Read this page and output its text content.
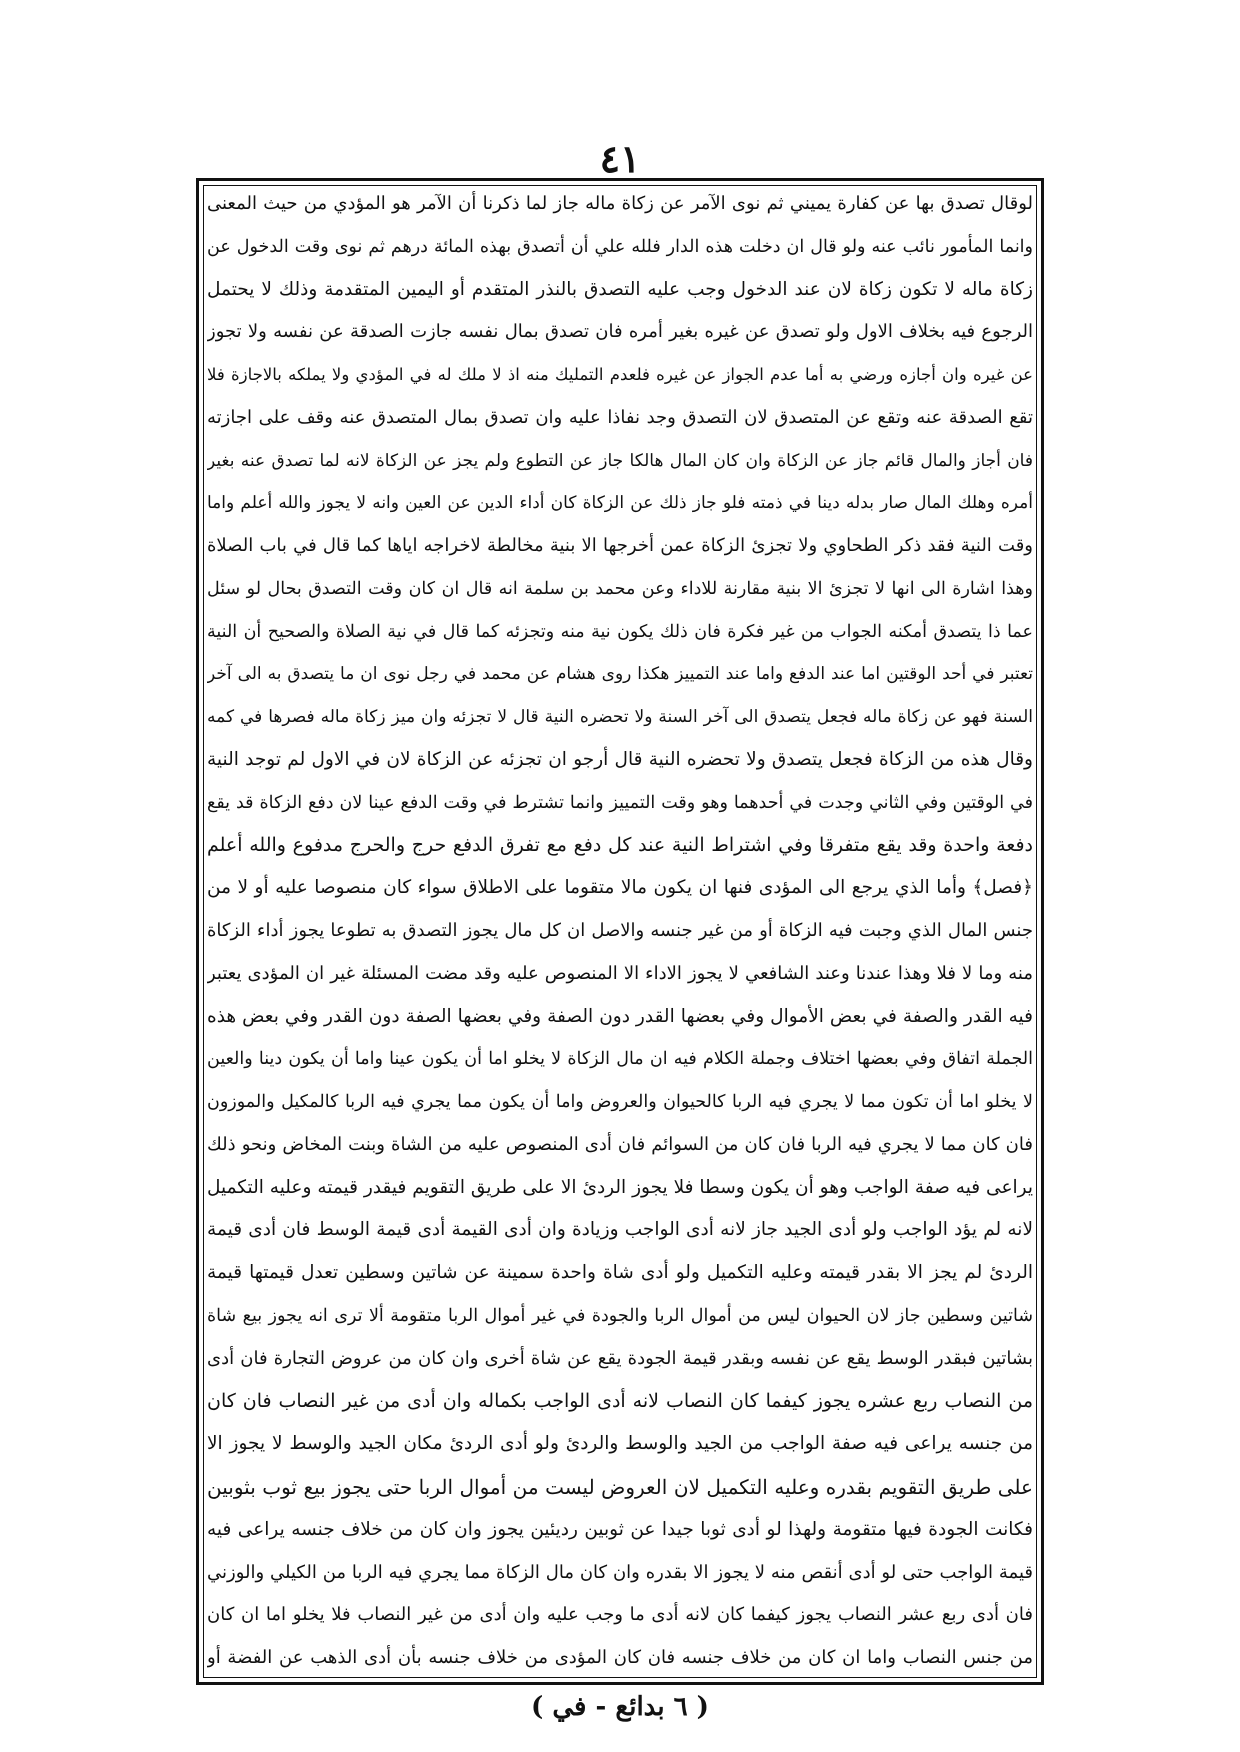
٤١
لوقال تصدق بها عن كفارة يميني ثم نوى الآمر عن زكاة ماله جاز لما ذكرنا أن الآمر هو المؤدي من حيث المعنى
وانما المأمور نائب عنه ولو قال ان دخلت هذه الدار فلله علي أن أتصدق بهذه المائة درهم ثم نوى وقت الدخول عن
زكاة ماله لا تكون زكاة لان عند الدخول وجب عليه التصدق بالنذر المتقدم أو اليمين المتقدمة وذلك لا يحتمل
الرجوع فيه بخلاف الاول ولو تصدق عن غيره بغير أمره فان تصدق بمال نفسه جازت الصدقة عن نفسه ولا تجوز
عن غيره وان أجازه ورضي به أما عدم الجواز عن غيره فلعدم التمليك منه اذ لا ملك له في المؤدي ولا يملكه بالاجازة فلا
تقع الصدقة عنه وتقع عن المتصدق لان التصدق وجد نفاذا عليه وان تصدق بمال المتصدق عنه وقف على اجازته
فان أجاز والمال قائم جاز عن الزكاة وان كان المال هالكا جاز عن التطوع ولم يجز عن الزكاة لانه لما تصدق عنه بغير
أمره وهلك المال صار بدله دينا في ذمته فلو جاز ذلك عن الزكاة كان أداء الدين عن العين وانه لا يجوز والله أعلم واما
وقت النية فقد ذكر الطحاوي ولا تجزئ الزكاة عمن أخرجها الا بنية مخالطة لاخراجه اياها كما قال في باب الصلاة
وهذا اشارة الى انها لا تجزئ الا بنية مقارنة للاداء وعن محمد بن سلمة انه قال ان كان وقت التصدق بحال لو سئل
عما ذا يتصدق أمكنه الجواب من غير فكرة فان ذلك يكون نية منه وتجزئه كما قال في نية الصلاة والصحيح أن النية
تعتبر في أحد الوقتين اما عند الدفع واما عند التمييز هكذا روى هشام عن محمد في رجل نوى ان ما يتصدق به الى آخر
السنة فهو عن زكاة ماله فجعل يتصدق الى آخر السنة ولا تحضره النية قال لا تجزئه وان ميز زكاة ماله فصرها في كمه
وقال هذه من الزكاة فجعل يتصدق ولا تحضره النية قال أرجو ان تجزئه عن الزكاة لان في الاول لم توجد النية
في الوقتين وفي الثاني وجدت في أحدهما وهو وقت التمييز وانما تشترط في وقت الدفع عينا لان دفع الزكاة قد يقع
دفعة واحدة وقد يقع متفرقا وفي اشتراط النية عند كل دفع مع تفرق الدفع حرج والحرج مدفوع والله أعلم
﴿فصل﴾ وأما الذي يرجع الى المؤدى فنها ان يكون مالا متقوما على الاطلاق سواء كان منصوصا عليه أو لا من
جنس المال الذي وجبت فيه الزكاة أو من غير جنسه والاصل ان كل مال يجوز التصدق به تطوعا يجوز أداء الزكاة
منه وما لا فلا وهذا عندنا وعند الشافعي لا يجوز الاداء الا المنصوص عليه وقد مضت المسئلة غير ان المؤدى يعتبر
فيه القدر والصفة في بعض الأموال وفي بعضها القدر دون الصفة وفي بعضها الصفة دون القدر وفي بعض هذه
الجملة اتفاق وفي بعضها اختلاف وجملة الكلام فيه ان مال الزكاة لا يخلو اما أن يكون عينا واما أن يكون دينا والعين
لا يخلو اما أن تكون مما لا يجري فيه الربا كالحيوان والعروض واما أن يكون مما يجري فيه الربا كالمكيل والموزون
فان كان مما لا يجري فيه الربا فان كان من السوائم فان أدى المنصوص عليه من الشاة وبنت المخاض ونحو ذلك
يراعى فيه صفة الواجب وهو أن يكون وسطا فلا يجوز الردئ الا على طريق التقويم فيقدر قيمته وعليه التكميل
لانه لم يؤد الواجب ولو أدى الجيد جاز لانه أدى الواجب وزيادة وان أدى القيمة أدى قيمة الوسط فان أدى قيمة
الردئ لم يجز الا بقدر قيمته وعليه التكميل ولو أدى شاة واحدة سمينة عن شاتين وسطين تعدل قيمتها قيمة
شاتين وسطين جاز لان الحيوان ليس من أموال الربا والجودة في غير أموال الربا متقومة ألا ترى انه يجوز بيع شاة
بشاتين فبقدر الوسط يقع عن نفسه وبقدر قيمة الجودة يقع عن شاة أخرى وان كان من عروض التجارة فان أدى
من النصاب ربع عشره يجوز كيفما كان النصاب لانه أدى الواجب بكماله وان أدى من غير النصاب فان كان
من جنسه يراعى فيه صفة الواجب من الجيد والوسط والردئ ولو أدى الردئ مكان الجيد والوسط لا يجوز الا
على طريق التقويم بقدره وعليه التكميل لان العروض ليست من أموال الربا حتى يجوز بيع ثوب بثوبين
فكانت الجودة فيها متقومة ولهذا لو أدى ثوبا جيدا عن ثوبين رديئين يجوز وان كان من خلاف جنسه يراعى فيه
قيمة الواجب حتى لو أدى أنقص منه لا يجوز الا بقدره وان كان مال الزكاة مما يجري فيه الربا من الكيلي والوزني
فان أدى ربع عشر النصاب يجوز كيفما كان لانه أدى ما وجب عليه وان أدى من غير النصاب فلا يخلو اما ان كان
من جنس النصاب واما ان كان من خلاف جنسه فان كان المؤدى من خلاف جنسه بأن أدى الذهب عن الفضة أو
( ٦ بدائع - في )
